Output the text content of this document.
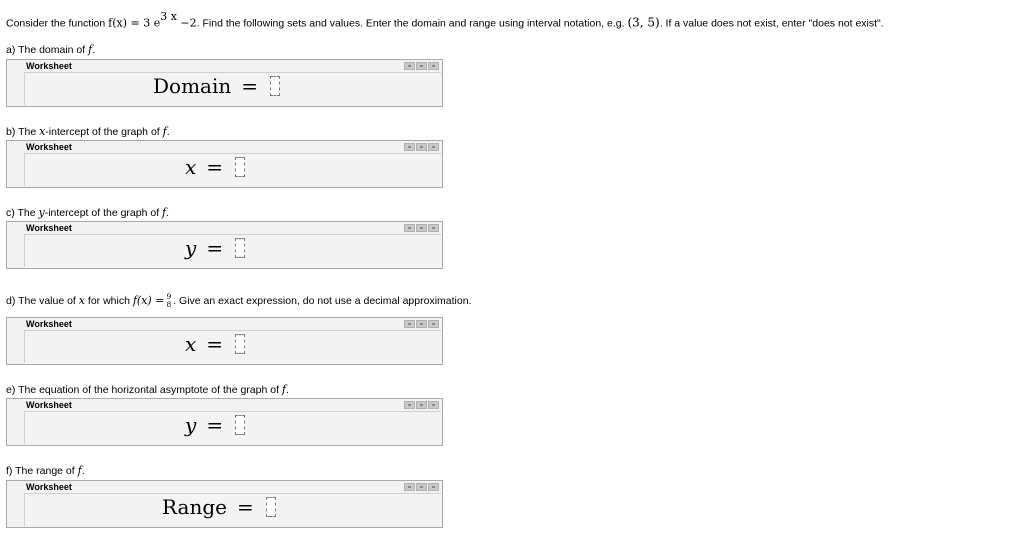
Consider the function f(x) = 3 $e^{3 x} -2$. Find the following sets and values. Enter the domain and range using interval notation, e.g. (3, 5). If a value does not exist, enter "does not exist".
a) The domain of f.
Worksheet
Domain =
b) The x-intercept of the graph of f.
Worksheet
x =
c) The y-intercept of the graph of f.
Worksheet
y =
d) The value of x for which f(x) = 9
8 . Give an exact expression, do not use a decimal approximation.
Worksheet
x =
e) The equation of the horizontal asymptote of the graph of f.
Worksheet
y =
f) The range of f.
Worksheet
Range =
